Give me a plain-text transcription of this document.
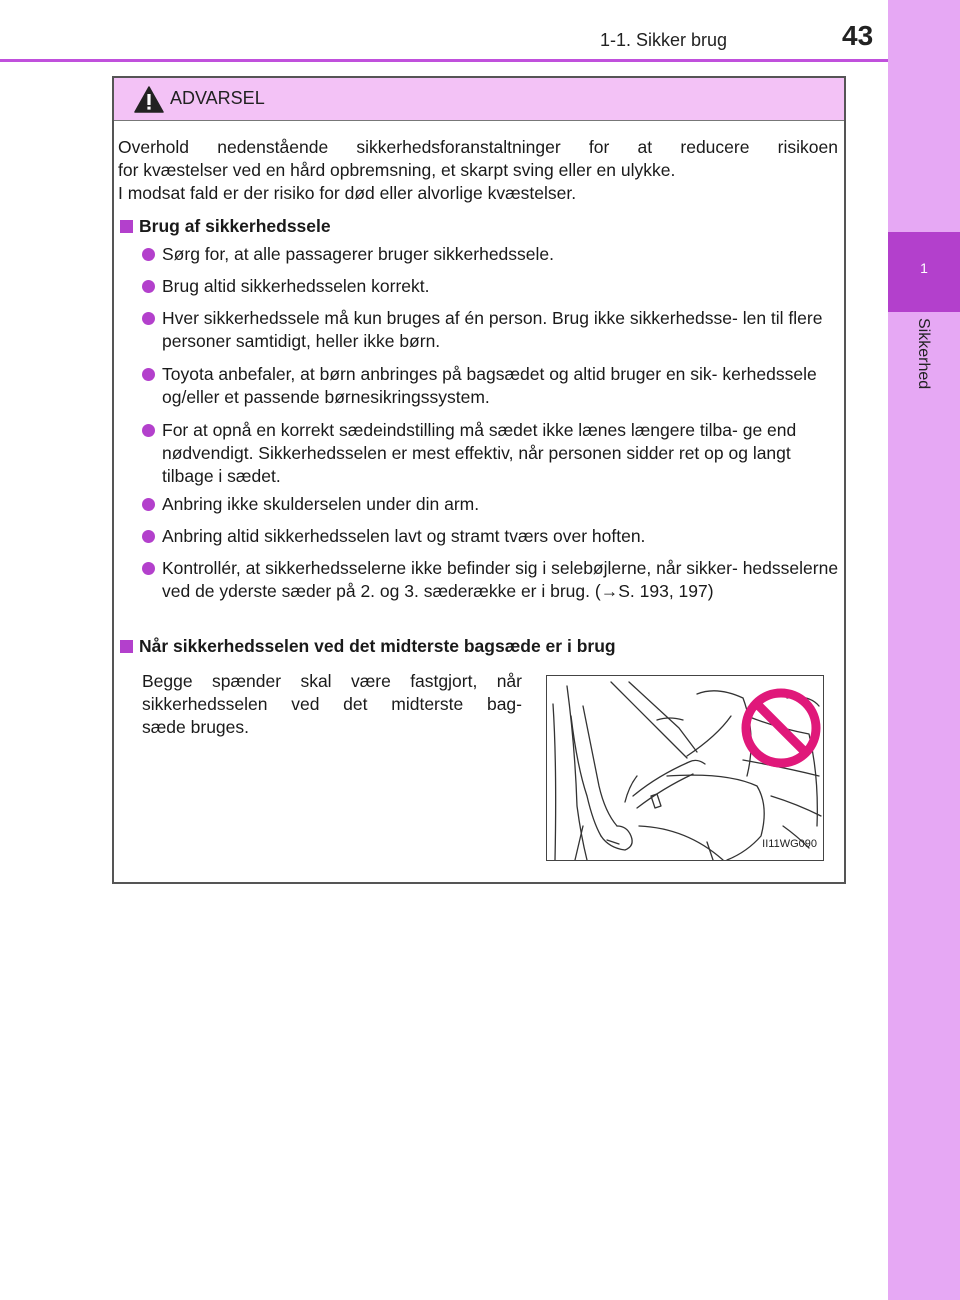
1
Sikkerhed
1-1. Sikker brug	43
ADVARSEL
Overhold nedenstående sikkerhedsforanstaltninger for at reducere risikoen
for kvæstelser ved en hård opbremsning, et skarpt sving eller en ulykke.
I modsat fald er der risiko for død eller alvorlige kvæstelser.
Brug af sikkerhedssele
Sørg for, at alle passagerer bruger sikkerhedssele.
Brug altid sikkerhedsselen korrekt.
Hver sikkerhedssele må kun bruges af én person. Brug ikke sikkerhedsse- len til flere personer samtidigt, heller ikke børn.
Toyota anbefaler, at børn anbringes på bagsædet og altid bruger en sik- kerhedssele og/eller et passende børnesikringssystem.
For at opnå en korrekt sædeindstilling må sædet ikke lænes længere tilba- ge end nødvendigt. Sikkerhedsselen er mest effektiv, når personen sidder ret op og langt tilbage i sædet.
Anbring ikke skulderselen under din arm.
Anbring altid sikkerhedsselen lavt og stramt tværs over hoften.
Kontrollér, at sikkerhedsselerne ikke befinder sig i selebøjlerne, når sikker- hedsselerne ved de yderste sæder på 2. og 3. sæderække er i brug. (→S. 193, 197)
Når sikkerhedsselen ved det midterste bagsæde er i brug
Begge spænder skal være fastgjort, når
sikkerhedsselen ved det midterste bag-
sæde bruges.
II11WG090
